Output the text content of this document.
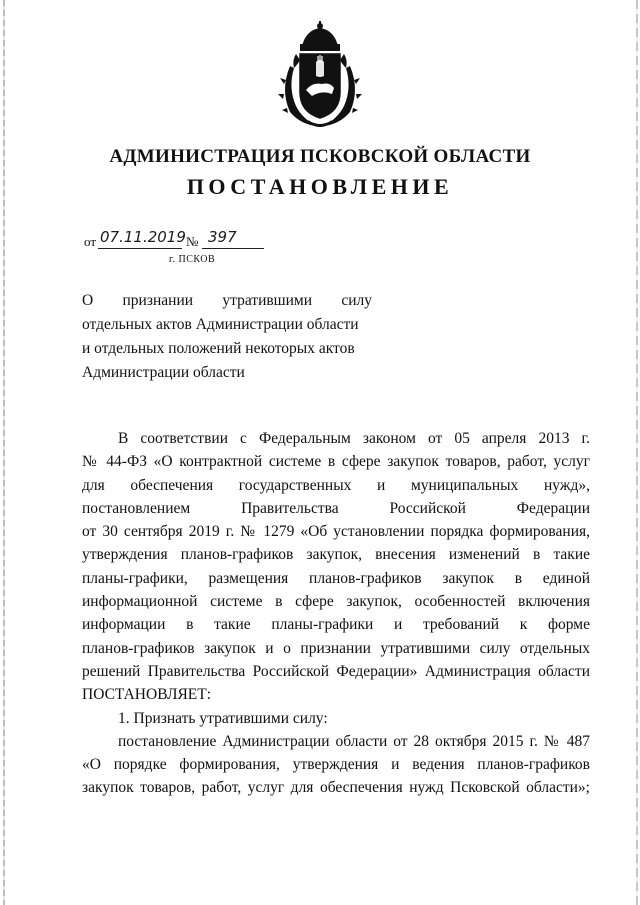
АДМИНИСТРАЦИЯ ПСКОВСКОЙ ОБЛАСТИ
ПОСТАНОВЛЕНИЕ
от 07.11.2019 № 397
г. ПСКОВ
О признании утратившими силу
отдельных актов Администрации области
и отдельных положений некоторых актов
Администрации области
В соответствии с Федеральным законом от 05 апреля 2013 г.
№ 44-ФЗ «О контрактной системе в сфере закупок товаров, работ, услуг
для обеспечения государственных и муниципальных нужд»,
постановлением Правительства Российской Федерации
от 30 сентября 2019 г. № 1279 «Об установлении порядка формирования,
утверждения планов-графиков закупок, внесения изменений в такие
планы-графики, размещения планов-графиков закупок в единой
информационной системе в сфере закупок, особенностей включения
информации в такие планы-графики и требований к форме
планов-графиков закупок и о признании утратившими силу отдельных
решений Правительства Российской Федерации» Администрация области
ПОСТАНОВЛЯЕТ:
1. Признать утратившими силу:
постановление Администрации области от 28 октября 2015 г. № 487
«О порядке формирования, утверждения и ведения планов-графиков
закупок товаров, работ, услуг для обеспечения нужд Псковской области»;
